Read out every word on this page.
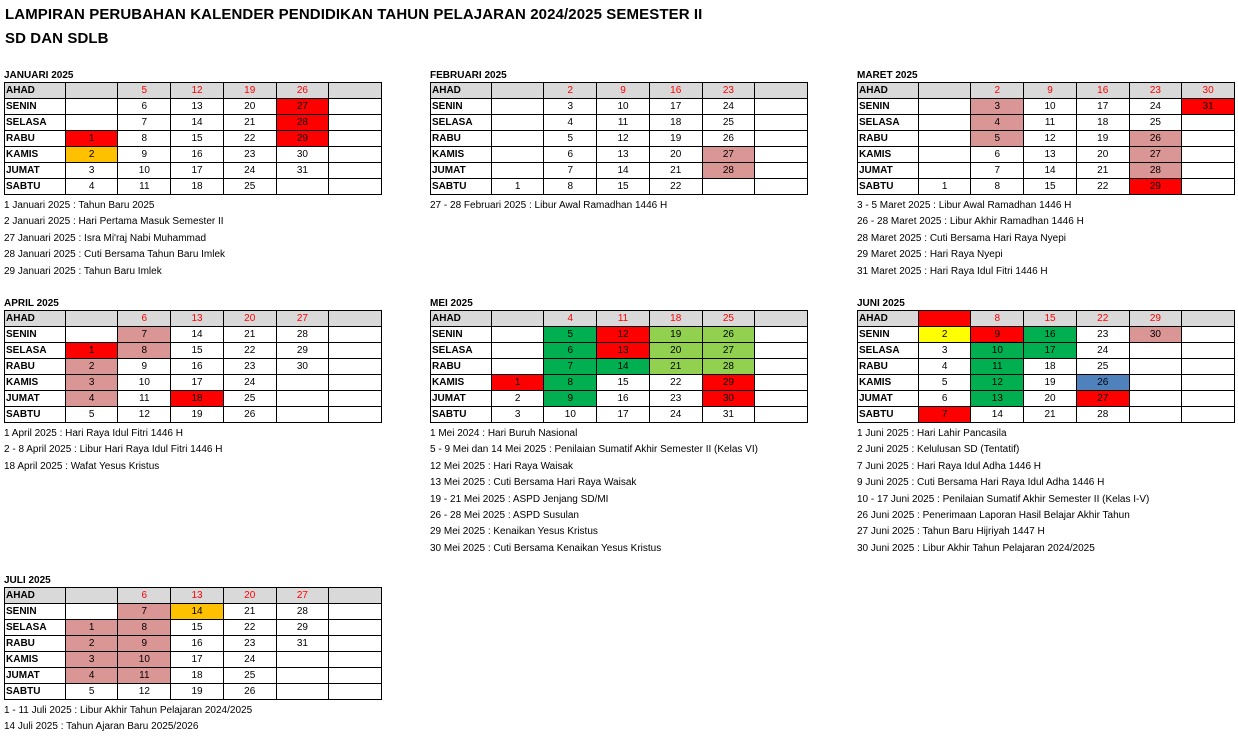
LAMPIRAN PERUBAHAN KALENDER PENDIDIKAN TAHUN PELAJARAN 2024/2025 SEMESTER II
SD DAN SDLB
JANUARI 2025
AHAD		5	12	19	26	
SENIN		6	13	20	27	
SELASA		7	14	21	28	
RABU	1	8	15	22	29	
KAMIS	2	9	16	23	30	
JUMAT	3	10	17	24	31	
SABTU	4	11	18	25		
1 Januari 2025 : Tahun Baru 2025
2 Januari 2025 : Hari Pertama Masuk Semester II
27 Januari 2025 : Isra Mi'raj Nabi Muhammad
28 Januari 2025 : Cuti Bersama Tahun Baru Imlek
29 Januari 2025 : Tahun Baru Imlek
FEBRUARI 2025
AHAD		2	9	16	23	
SENIN		3	10	17	24	
SELASA		4	11	18	25	
RABU		5	12	19	26	
KAMIS		6	13	20	27	
JUMAT		7	14	21	28	
SABTU	1	8	15	22		
27 - 28 Februari 2025 : Libur Awal Ramadhan 1446 H
MARET 2025
AHAD		2	9	16	23	30
SENIN		3	10	17	24	31
SELASA		4	11	18	25	
RABU		5	12	19	26	
KAMIS		6	13	20	27	
JUMAT		7	14	21	28	
SABTU	1	8	15	22	29	
3 - 5 Maret 2025 : Libur Awal Ramadhan 1446 H
26 - 28 Maret 2025 : Libur Akhir Ramadhan 1446 H
28 Maret 2025 : Cuti Bersama Hari Raya Nyepi
29 Maret 2025 : Hari Raya Nyepi
31 Maret 2025 : Hari Raya Idul Fitri 1446 H
APRIL 2025
AHAD		6	13	20	27	
SENIN		7	14	21	28	
SELASA	1	8	15	22	29	
RABU	2	9	16	23	30	
KAMIS	3	10	17	24		
JUMAT	4	11	18	25		
SABTU	5	12	19	26		
1 April 2025 : Hari Raya Idul Fitri 1446 H
2 - 8 April 2025 : Libur Hari Raya Idul Fitri 1446 H
18 April 2025 : Wafat Yesus Kristus
MEI 2025
AHAD		4	11	18	25	
SENIN		5	12	19	26	
SELASA		6	13	20	27	
RABU		7	14	21	28	
KAMIS	1	8	15	22	29	
JUMAT	2	9	16	23	30	
SABTU	3	10	17	24	31	
1 Mei 2024 : Hari Buruh Nasional
5 - 9 Mei dan 14 Mei 2025 : Penilaian Sumatif Akhir Semester II (Kelas VI)
12 Mei 2025 : Hari Raya Waisak
13 Mei 2025 : Cuti Bersama Hari Raya Waisak
19 - 21 Mei 2025 : ASPD Jenjang SD/MI
26 - 28 Mei 2025 : ASPD Susulan
29 Mei 2025 : Kenaikan Yesus Kristus
30 Mei 2025 : Cuti Bersama Kenaikan Yesus Kristus
JUNI 2025
AHAD	1	8	15	22	29	
SENIN	2	9	16	23	30	
SELASA	3	10	17	24		
RABU	4	11	18	25		
KAMIS	5	12	19	26		
JUMAT	6	13	20	27		
SABTU	7	14	21	28		
1 Juni 2025 : Hari Lahir Pancasila
2 Juni 2025 : Kelulusan SD (Tentatif)
7 Juni 2025 : Hari Raya Idul Adha 1446 H
9 Juni 2025 : Cuti Bersama Hari Raya Idul Adha 1446 H
10 - 17 Juni 2025 : Penilaian Sumatif Akhir Semester II (Kelas I-V)
26 Juni 2025 : Penerimaan Laporan Hasil Belajar Akhir Tahun
27 Juni 2025 : Tahun Baru Hijriyah 1447 H
30 Juni 2025 : Libur Akhir Tahun Pelajaran 2024/2025
JULI 2025
AHAD		6	13	20	27	
SENIN		7	14	21	28	
SELASA	1	8	15	22	29	
RABU	2	9	16	23	31	
KAMIS	3	10	17	24		
JUMAT	4	11	18	25		
SABTU	5	12	19	26		
1 - 11 Juli 2025 : Libur Akhir Tahun Pelajaran 2024/2025
14 Juli 2025 : Tahun Ajaran Baru 2025/2026
